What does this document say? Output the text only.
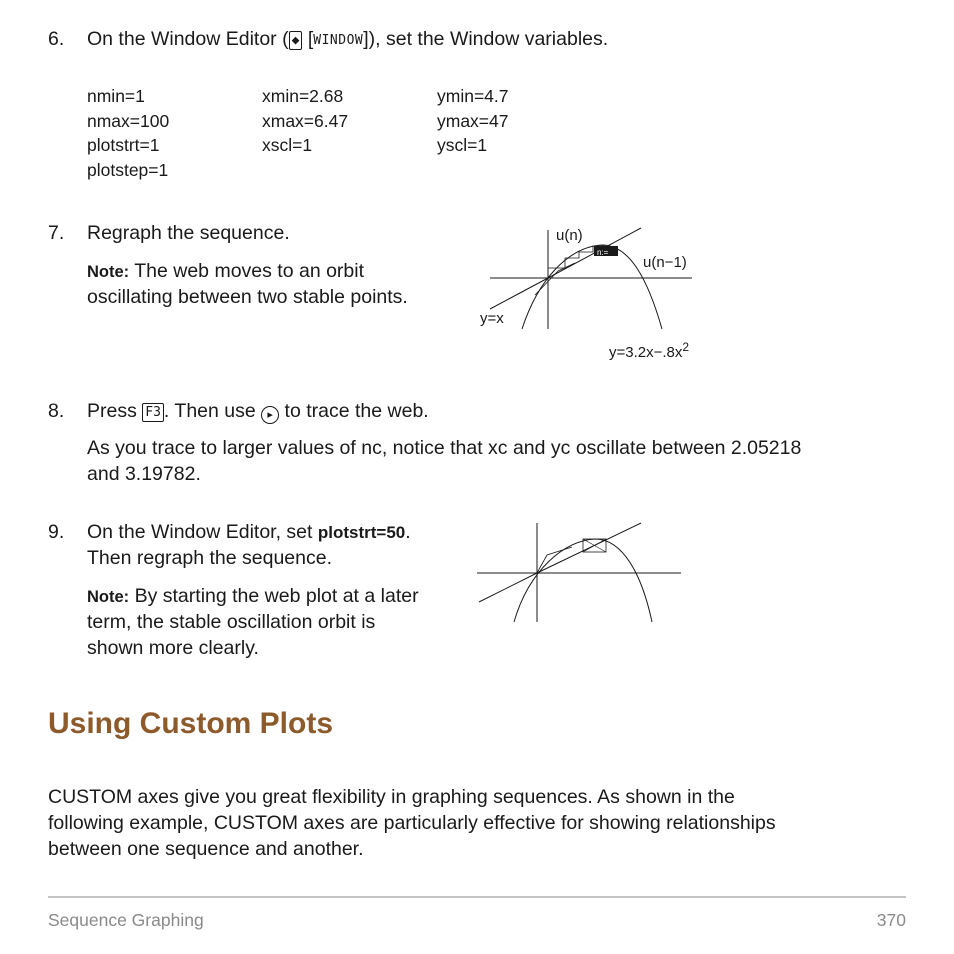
6. On the Window Editor ( ◆ [WINDOW]), set the Window variables.
nmin=1	xmin=2.68	ymin=4.7
nmax=100	xmax=6.47	ymax=47
plotstrt=1	xscl=1	yscl=1
plotstep=1
7. Regraph the sequence.
Note: The web moves to an orbit
oscillating between two stable points.
n:=
u(n)
u(n−1)
y=x
$y=3.2x-.8x^2$
8. Press F3 . Then use ▸ to trace the web.
As you trace to larger values of nc, notice that xc and yc oscillate between 2.05218
and 3.19782.
9. On the Window Editor, set plotstrt=50.
Then regraph the sequence.
Note: By starting the web plot at a later
term, the stable oscillation orbit is
shown more clearly.
Using Custom Plots
CUSTOM axes give you great flexibility in graphing sequences. As shown in the
following example, CUSTOM axes are particularly effective for showing relationships
between one sequence and another.
Sequence Graphing	370
